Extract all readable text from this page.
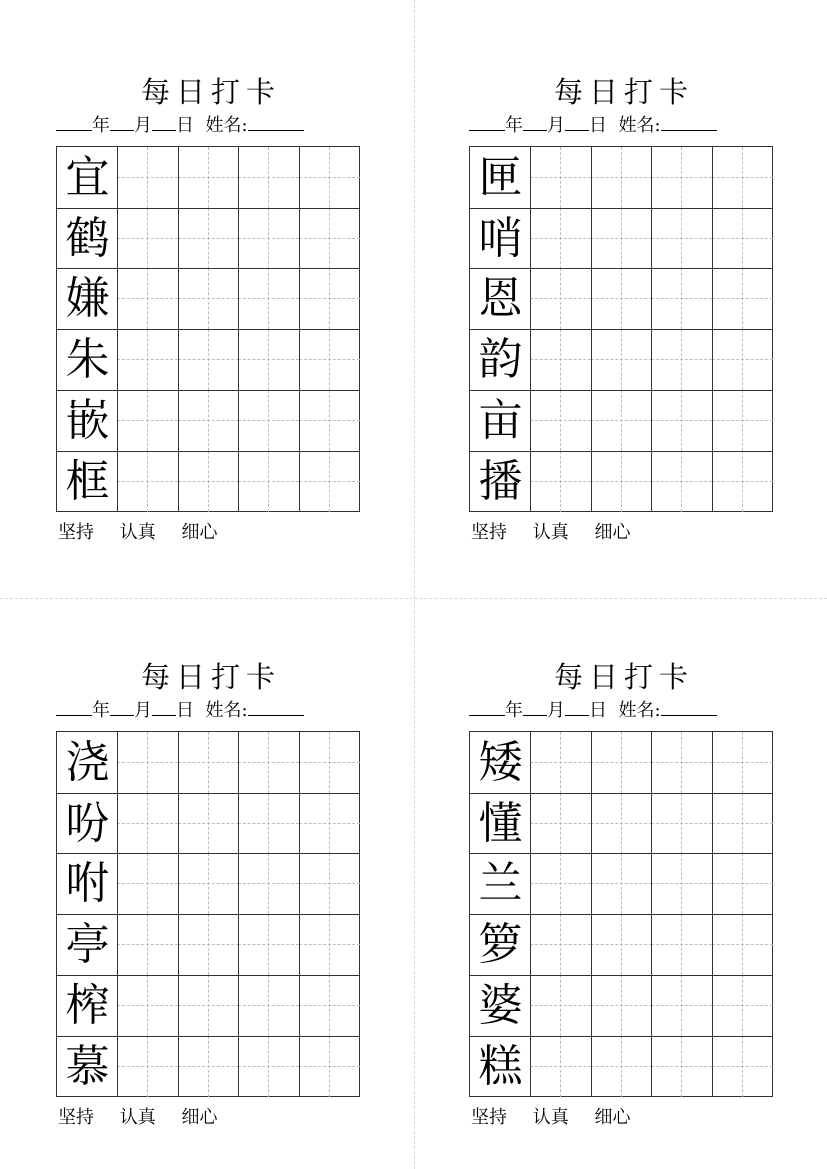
每日打卡
年 月 日 姓名:
宜
鹤
嫌
朱
嵌
框
坚持 认真 细心
每日打卡
年 月 日 姓名:
匣
哨
恩
韵
亩
播
坚持 认真 细心
每日打卡
年 月 日 姓名:
浇
吩
咐
亭
榨
慕
坚持 认真 细心
每日打卡
年 月 日 姓名:
矮
懂
兰
箩
婆
糕
坚持 认真 细心
